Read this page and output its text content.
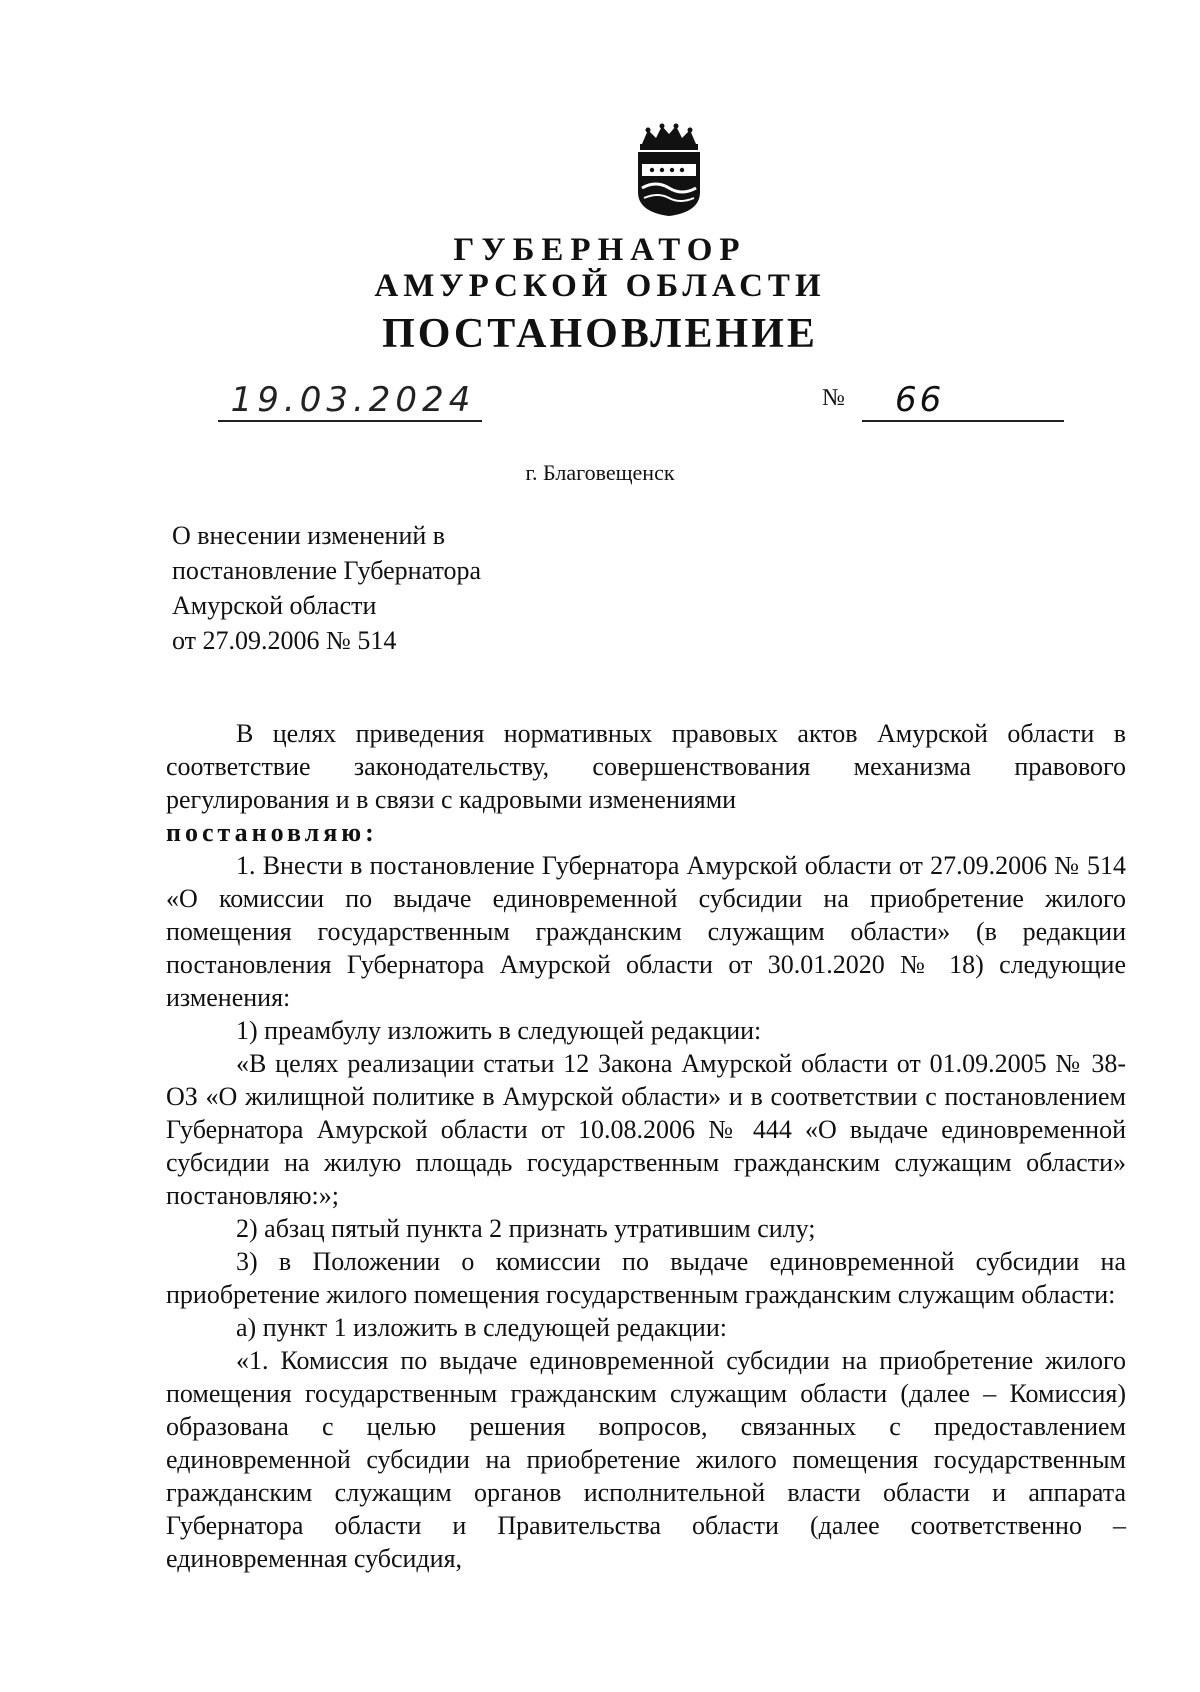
ГУБЕРНАТОР
АМУРСКОЙ ОБЛАСТИ
ПОСТАНОВЛЕНИЕ
19.03.2024	№ 66
г. Благовещенск
О внесении изменений в
постановление Губернатора
Амурской области
от 27.09.2006 № 514
В целях приведения нормативных правовых актов Амурской области в соответствие законодательству, совершенствования механизма правового регулирования и в связи с кадровыми изменениями
постановляю:
1. Внести в постановление Губернатора Амурской области от 27.09.2006 № 514 «О комиссии по выдаче единовременной субсидии на приобретение жилого помещения государственным гражданским служащим области» (в редакции постановления Губернатора Амурской области от 30.01.2020 № 18) следующие изменения:
1) преамбулу изложить в следующей редакции:
«В целях реализации статьи 12 Закона Амурской области от 01.09.2005 № 38-ОЗ «О жилищной политике в Амурской области» и в соответствии с постановлением Губернатора Амурской области от 10.08.2006 № 444 «О выдаче единовременной субсидии на жилую площадь государственным гражданским служащим области» постановляю:»;
2) абзац пятый пункта 2 признать утратившим силу;
3) в Положении о комиссии по выдаче единовременной субсидии на приобретение жилого помещения государственным гражданским служащим области:
а) пункт 1 изложить в следующей редакции:
«1. Комиссия по выдаче единовременной субсидии на приобретение жилого помещения государственным гражданским служащим области (далее – Комиссия) образована с целью решения вопросов, связанных с предоставлением единовременной субсидии на приобретение жилого помещения государственным гражданским служащим органов исполнительной власти области и аппарата Губернатора области и Правительства области (далее соответственно – единовременная субсидия,
